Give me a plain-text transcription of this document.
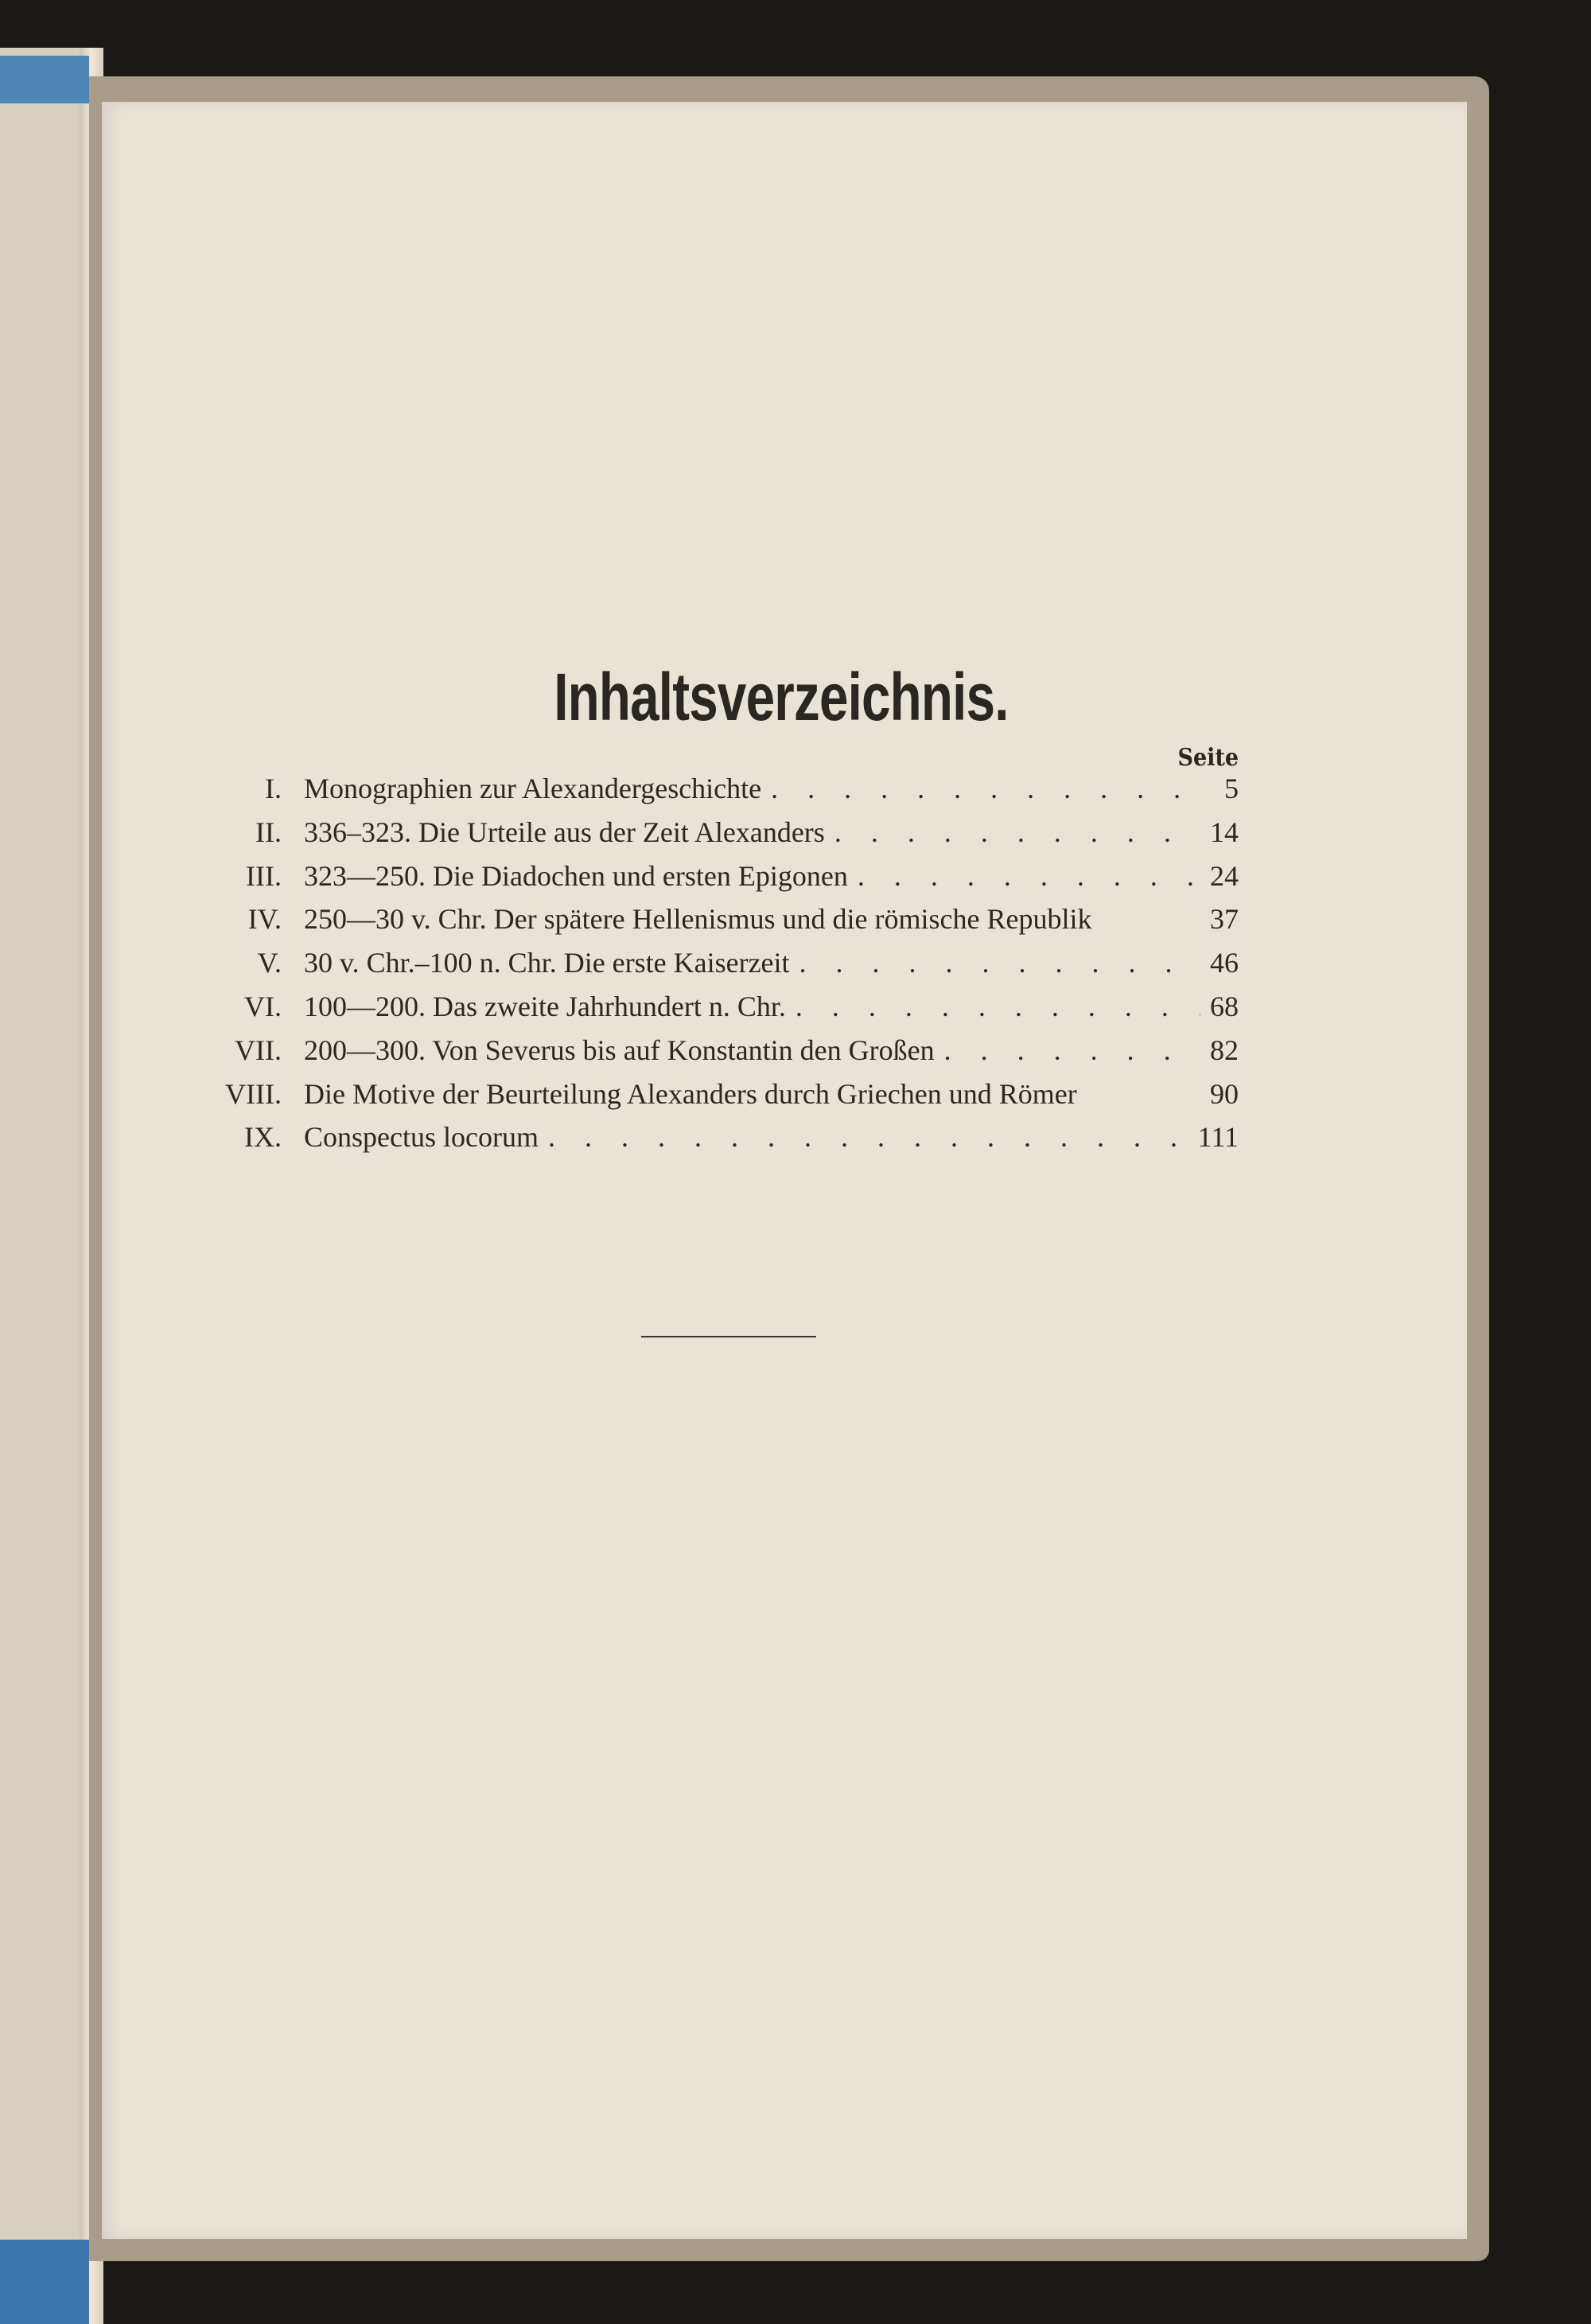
Inhaltsverzeichnis.
Seite
I. Monographien zur Alexandergeschichte . . .	5
II. 336–323. Die Urteile aus der Zeit Alexanders . . .	14
III. 323—250. Die Diadochen und ersten Epigonen . . .	24
IV. 250—30 v. Chr. Der spätere Hellenismus und die römische Republik	37
V. 30 v. Chr.–100 n. Chr. Die erste Kaiserzeit . . .	46
VI. 100—200. Das zweite Jahrhundert n. Chr. . . .	68
VII. 200—300. Von Severus bis auf Konstantin den Großen . . .	82
VIII. Die Motive der Beurteilung Alexanders durch Griechen und Römer	90
IX. Conspectus locorum . . .	111
